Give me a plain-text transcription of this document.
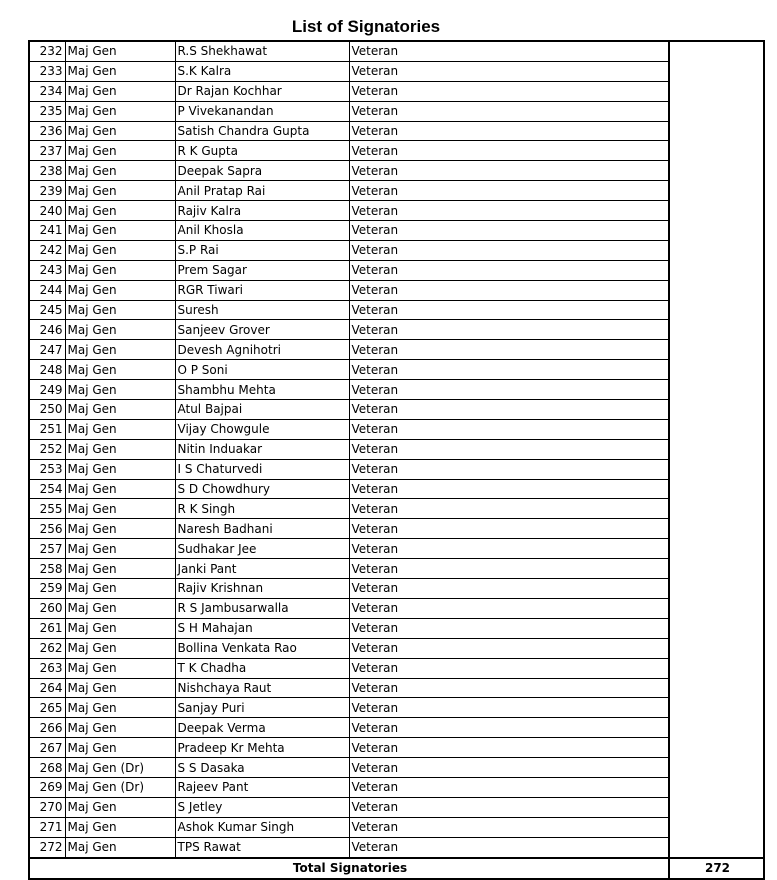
List of Signatories
232	Maj Gen	R.S Shekhawat	Veteran	
233	Maj Gen	S.K Kalra	Veteran	
234	Maj Gen	Dr Rajan Kochhar	Veteran	
235	Maj Gen	P Vivekanandan	Veteran	
236	Maj Gen	Satish Chandra Gupta	Veteran	
237	Maj Gen	R K Gupta	Veteran	
238	Maj Gen	Deepak Sapra	Veteran	
239	Maj Gen	Anil Pratap Rai	Veteran	
240	Maj Gen	Rajiv Kalra	Veteran	
241	Maj Gen	Anil Khosla	Veteran	
242	Maj Gen	S.P Rai	Veteran	
243	Maj Gen	Prem Sagar	Veteran	
244	Maj Gen	RGR Tiwari	Veteran	
245	Maj Gen	Suresh	Veteran	
246	Maj Gen	Sanjeev Grover	Veteran	
247	Maj Gen	Devesh Agnihotri	Veteran	
248	Maj Gen	O P Soni	Veteran	
249	Maj Gen	Shambhu Mehta	Veteran	
250	Maj Gen	Atul Bajpai	Veteran	
251	Maj Gen	Vijay Chowgule	Veteran	
252	Maj Gen	Nitin Induakar	Veteran	
253	Maj Gen	I S Chaturvedi	Veteran	
254	Maj Gen	S D Chowdhury	Veteran	
255	Maj Gen	R K Singh	Veteran	
256	Maj Gen	Naresh Badhani	Veteran	
257	Maj Gen	Sudhakar Jee	Veteran	
258	Maj Gen	Janki Pant	Veteran	
259	Maj Gen	Rajiv Krishnan	Veteran	
260	Maj Gen	R S Jambusarwalla	Veteran	
261	Maj Gen	S H Mahajan	Veteran	
262	Maj Gen	Bollina Venkata Rao	Veteran	
263	Maj Gen	T K Chadha	Veteran	
264	Maj Gen	Nishchaya Raut	Veteran	
265	Maj Gen	Sanjay Puri	Veteran	
266	Maj Gen	Deepak Verma	Veteran	
267	Maj Gen	Pradeep Kr Mehta	Veteran	
268	Maj Gen (Dr)	S S Dasaka	Veteran	
269	Maj Gen (Dr)	Rajeev Pant	Veteran	
270	Maj Gen	S Jetley	Veteran	
271	Maj Gen	Ashok Kumar Singh	Veteran	
272	Maj Gen	TPS Rawat	Veteran	
Total Signatories				272
